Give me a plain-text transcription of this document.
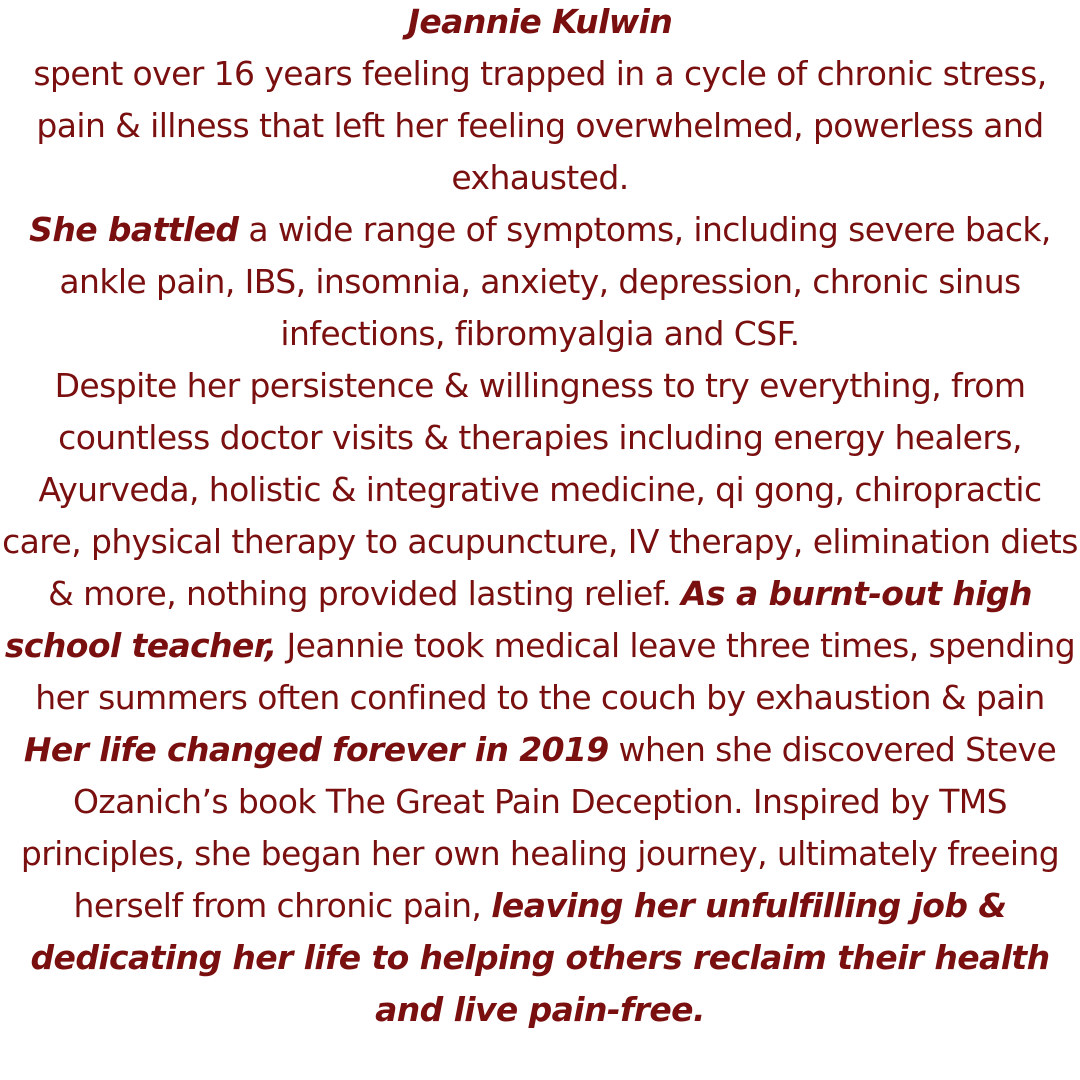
Jeannie Kulwin

spent over 16 years feeling trapped in a cycle of chronic stress, pain & illness that left her feeling overwhelmed, powerless and exhausted.

She battled a wide range of symptoms, including severe back, ankle pain, IBS, insomnia, anxiety, depression, chronic sinus infections, fibromyalgia and CSF.

Despite her persistence & willingness to try everything, from countless doctor visits & therapies including energy healers, Ayurveda, holistic & integrative medicine, qi gong, chiropractic care, physical therapy to acupuncture, IV therapy, elimination diets & more, nothing provided lasting relief. As a burnt-out high school teacher, Jeannie took medical leave three times, spending her summers often confined to the couch by exhaustion & pain

Her life changed forever in 2019 when she discovered Steve Ozanich’s book The Great Pain Deception. Inspired by TMS principles, she began her own healing journey, ultimately freeing herself from chronic pain, leaving her unfulfilling job & dedicating her life to helping others reclaim their health and live pain-free.
